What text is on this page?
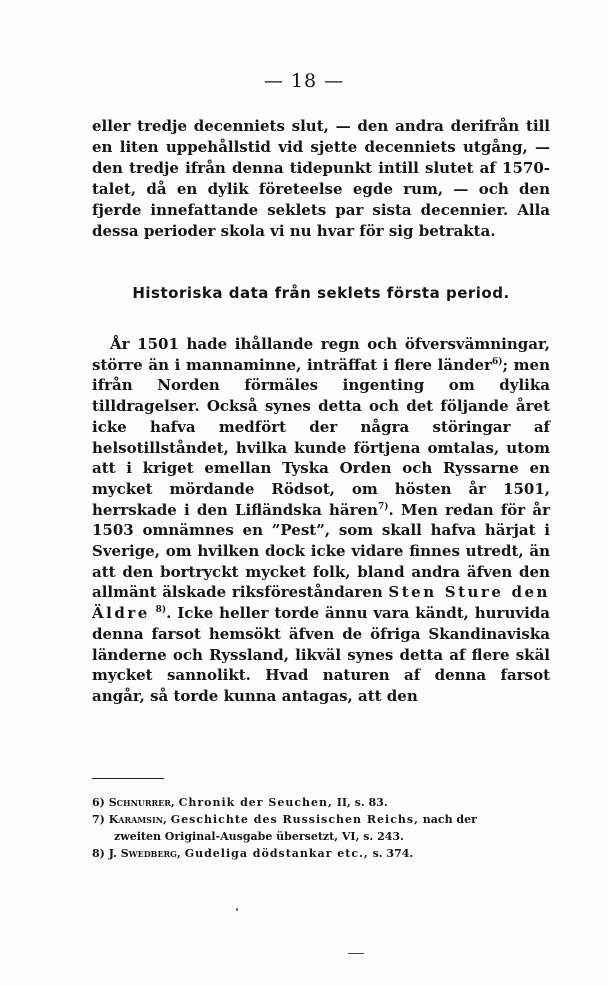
— 18 —

eller tredje decenniets slut, — den andra derifrån till en liten uppehållstid vid sjette decenniets utgång, — den tredje ifrån denna tidepunkt intill slutet af 1570-talet, då en dylik företeelse egde rum, — och den fjerde innefattande seklets par sista decennier. Alla dessa perioder skola vi nu hvar för sig betrakta.

Historiska data från seklets första period.

År 1501 hade ihållande regn och öfversvämningar, större än i mannaminne, inträffat i flere länder$^{6)}$; men ifrån Norden förmäles ingenting om dylika tilldragelser. Också synes detta och det följande året icke hafva medfört der några störingar af helsotillståndet, hvilka kunde förtjena omtalas, utom att i kriget emellan Tyska Orden och Ryssarne en mycket mördande Rödsot, om hösten år 1501, herrskade i den Lifländska hären$^{7)}$. Men redan för år 1503 omnämnes en ”Pest”, som skall hafva härjat i Sverige, om hvilken dock icke vidare finnes utredt, än att den bortryckt mycket folk, bland andra äfven den allmänt älskade riksföreståndaren Sten Sture den Äldre $^{8)}$. Icke heller torde ännu vara kändt, huruvida denna farsot hemsökt äfven de öfriga Skandinaviska länderne och Ryssland, likväl synes detta af flere skäl mycket sannolikt. Hvad naturen af denna farsot angår, så torde kunna antagas, att den

6) Schnurrer, Chronik der Seuchen, II, s. 83.
7) Karamsin, Geschichte des Russischen Reichs, nach der
zweiten Original-Ausgabe übersetzt, VI, s. 243.
8) J. Swedberg, Gudeliga dödstankar etc., s. 374.
